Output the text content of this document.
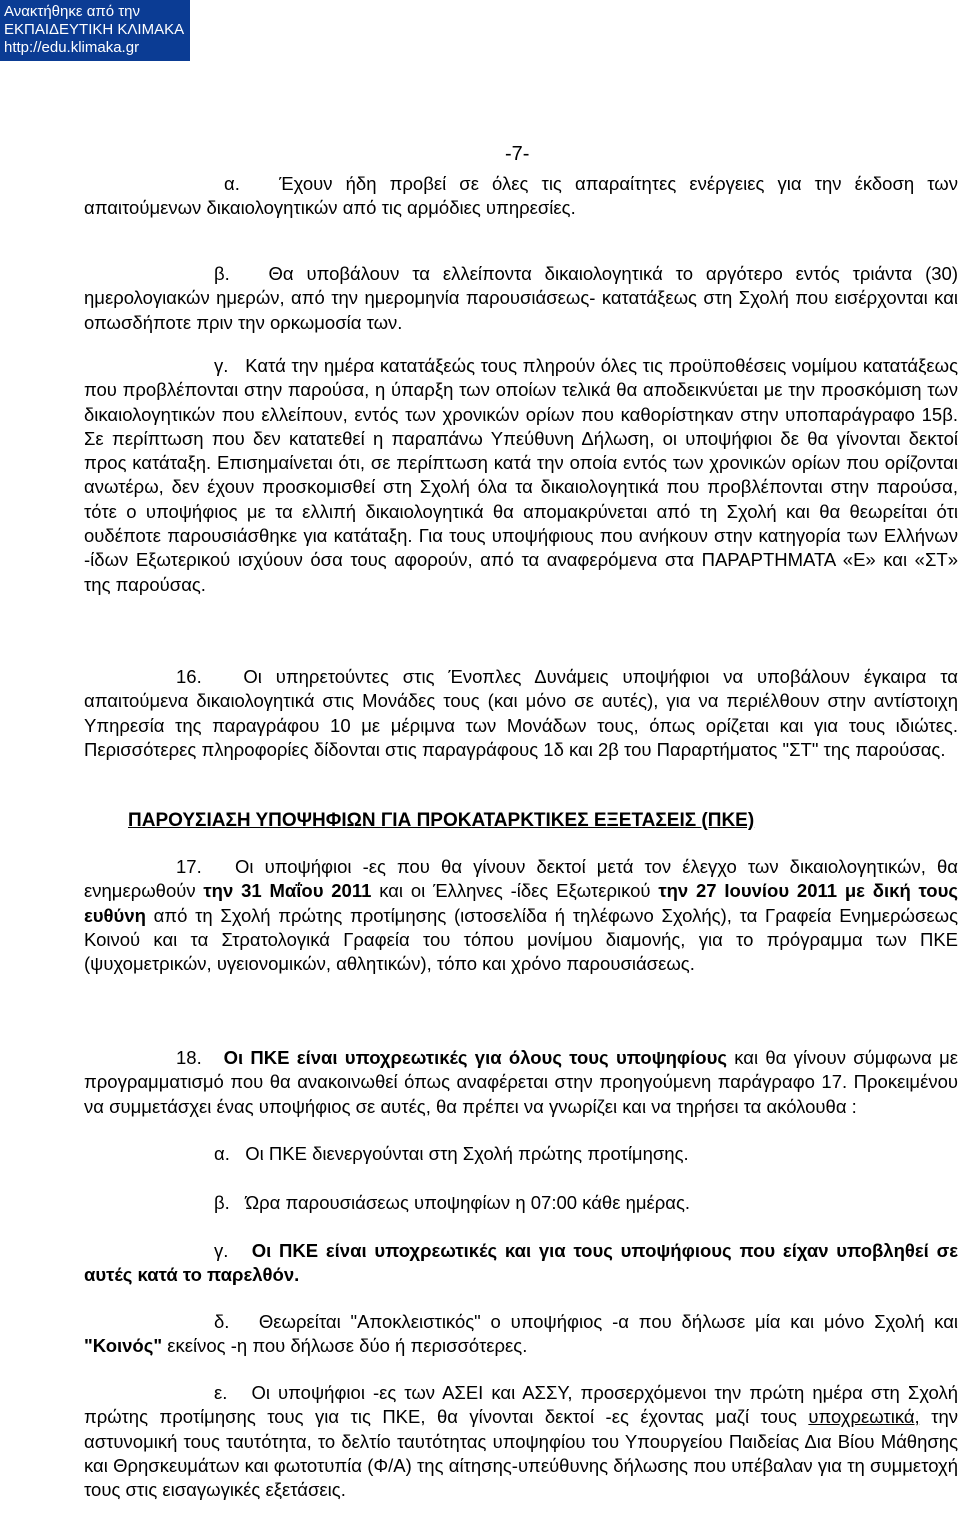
Ανακτήθηκε από την
ΕΚΠΑΙΔΕΥΤΙΚΗ ΚΛΙΜΑΚΑ
http://edu.klimaka.gr
-7-

α. Έχουν ήδη προβεί σε όλες τις απαραίτητες ενέργειες για την έκδοση των απαιτούμενων δικαιολογητικών από τις αρμόδιες υπηρεσίες.

β. Θα υποβάλουν τα ελλείποντα δικαιολογητικά το αργότερο εντός τριάντα (30) ημερολογιακών ημερών, από την ημερομηνία παρουσιάσεως- κατατάξεως στη Σχολή που εισέρχονται και οπωσδήποτε πριν την ορκωμοσία των.

γ. Κατά την ημέρα κατατάξεώς τους πληρούν όλες τις προϋποθέσεις νομίμου κατατάξεως που προβλέπονται στην παρούσα, η ύπαρξη των οποίων τελικά θα αποδεικνύεται με την προσκόμιση των δικαιολογητικών που ελλείπουν, εντός των χρονικών ορίων που καθορίστηκαν στην υποπαράγραφο 15β. Σε περίπτωση που δεν κατατεθεί η παραπάνω Υπεύθυνη Δήλωση, οι υποψήφιοι δε θα γίνονται δεκτοί προς κατάταξη. Επισημαίνεται ότι, σε περίπτωση κατά την οποία εντός των χρονικών ορίων που ορίζονται ανωτέρω, δεν έχουν προσκομισθεί στη Σχολή όλα τα δικαιολογητικά που προβλέπονται στην παρούσα, τότε ο υποψήφιος με τα ελλιπή δικαιολογητικά θα απομακρύνεται από τη Σχολή και θα θεωρείται ότι ουδέποτε παρουσιάσθηκε για κατάταξη. Για τους υποψήφιους που ανήκουν στην κατηγορία των Ελλήνων -ίδων Εξωτερικού ισχύουν όσα τους αφορούν, από τα αναφερόμενα στα ΠΑΡΑΡΤΗΜΑΤΑ «Ε» και «ΣΤ» της παρούσας.

16. Οι υπηρετούντες στις Ένοπλες Δυνάμεις υποψήφιοι να υποβάλουν έγκαιρα τα απαιτούμενα δικαιολογητικά στις Μονάδες τους (και μόνο σε αυτές), για να περιέλθουν στην αντίστοιχη Υπηρεσία της παραγράφου 10 με μέριμνα των Μονάδων τους, όπως ορίζεται και για τους ιδιώτες. Περισσότερες πληροφορίες δίδονται στις παραγράφους 1δ και 2β του Παραρτήματος "ΣΤ" της παρούσας.

ΠΑΡΟΥΣΙΑΣΗ ΥΠΟΨΗΦΙΩΝ ΓΙΑ ΠΡΟΚΑΤΑΡΚΤΙΚΕΣ ΕΞΕΤΑΣΕΙΣ (ΠΚΕ)

17. Οι υποψήφιοι -ες που θα γίνουν δεκτοί μετά τον έλεγχο των δικαιολογητικών, θα ενημερωθούν την 31 Μαΐου 2011 και οι Έλληνες -ίδες Εξωτερικού την 27 Ιουνίου 2011 με δική τους ευθύνη από τη Σχολή πρώτης προτίμησης (ιστοσελίδα ή τηλέφωνο Σχολής), τα Γραφεία Ενημερώσεως Κοινού και τα Στρατολογικά Γραφεία του τόπου μονίμου διαμονής, για το πρόγραμμα των ΠΚΕ (ψυχομετρικών, υγειονομικών, αθλητικών), τόπο και χρόνο παρουσιάσεως.

18. Οι ΠΚΕ είναι υποχρεωτικές για όλους τους υποψηφίους και θα γίνουν σύμφωνα με προγραμματισμό που θα ανακοινωθεί όπως αναφέρεται στην προηγούμενη παράγραφο 17. Προκειμένου να συμμετάσχει ένας υποψήφιος σε αυτές, θα πρέπει να γνωρίζει και να τηρήσει τα ακόλουθα :

α. Οι ΠΚΕ διενεργούνται στη Σχολή πρώτης προτίμησης.

β. Ώρα παρουσιάσεως υποψηφίων η 07:00 κάθε ημέρας.

γ. Οι ΠΚΕ είναι υποχρεωτικές και για τους υποψήφιους που είχαν υποβληθεί σε αυτές κατά το παρελθόν.

δ. Θεωρείται "Αποκλειστικός" ο υποψήφιος -α που δήλωσε μία και μόνο Σχολή και "Κοινός" εκείνος -η που δήλωσε δύο ή περισσότερες.

ε. Οι υποψήφιοι -ες των ΑΣΕΙ και ΑΣΣΥ, προσερχόμενοι την πρώτη ημέρα στη Σχολή πρώτης προτίμησης τους για τις ΠΚΕ, θα γίνονται δεκτοί -ες έχοντας μαζί τους υποχρεωτικά, την αστυνομική τους ταυτότητα, το δελτίο ταυτότητας υποψηφίου του Υπουργείου Παιδείας Δια Βίου Μάθησης και Θρησκευμάτων και φωτοτυπία (Φ/Α) της αίτησης-υπεύθυνης δήλωσης που υπέβαλαν για τη συμμετοχή τους στις εισαγωγικές εξετάσεις.
